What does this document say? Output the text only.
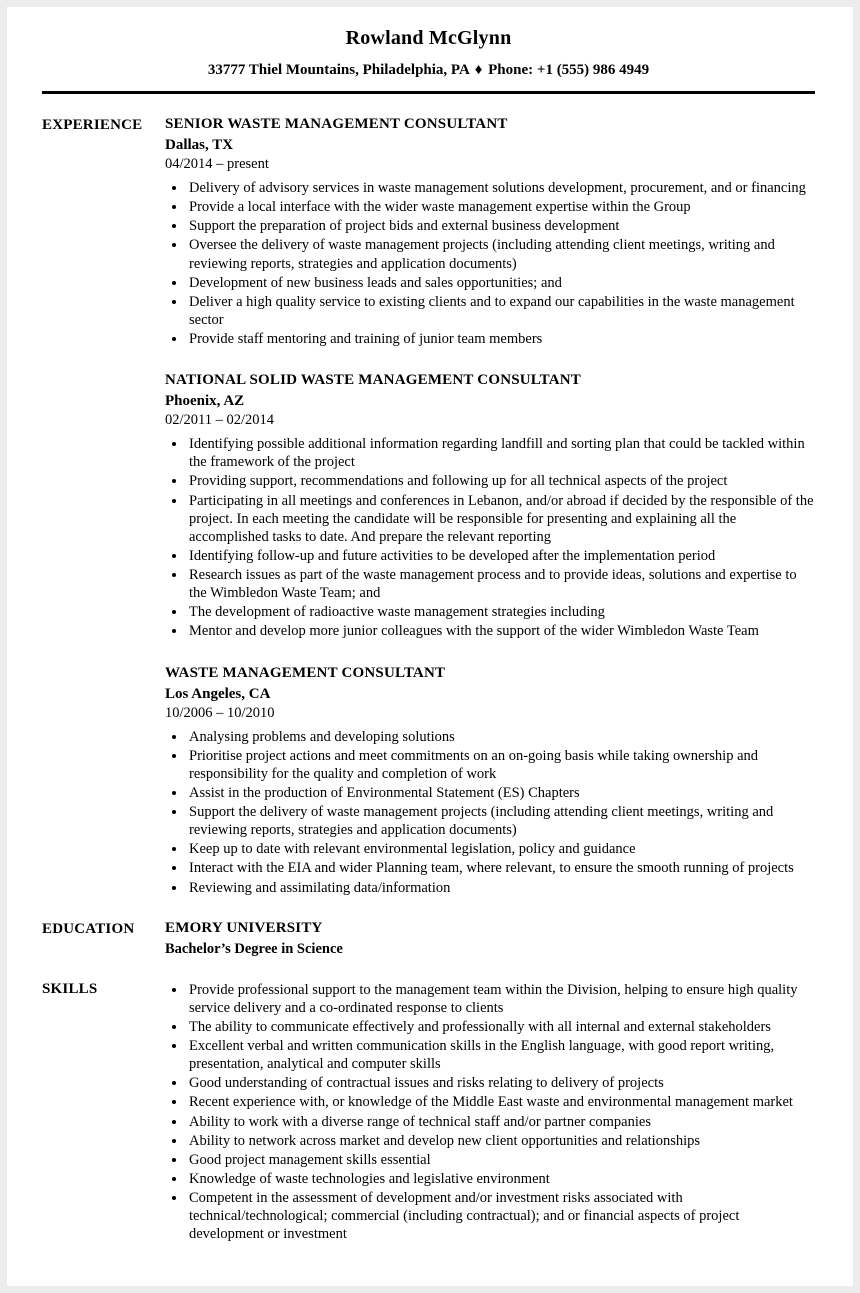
Rowland McGlynn
33777 Thiel Mountains, Philadelphia, PA ♦ Phone: +1 (555) 986 4949
EXPERIENCE	SENIOR WASTE MANAGEMENT CONSULTANT
Dallas, TX
04/2014 – present
• Delivery of advisory services in waste management solutions development, procurement, and or financing
• Provide a local interface with the wider waste management expertise within the Group
• Support the preparation of project bids and external business development
• Oversee the delivery of waste management projects (including attending client meetings, writing and reviewing reports, strategies and application documents)
• Development of new business leads and sales opportunities; and
• Deliver a high quality service to existing clients and to expand our capabilities in the waste management sector
• Provide staff mentoring and training of junior team members
NATIONAL SOLID WASTE MANAGEMENT CONSULTANT
Phoenix, AZ
02/2011 – 02/2014
• Identifying possible additional information regarding landfill and sorting plan that could be tackled within the framework of the project
• Providing support, recommendations and following up for all technical aspects of the project
• Participating in all meetings and conferences in Lebanon, and/or abroad if decided by the responsible of the project. In each meeting the candidate will be responsible for presenting and explaining all the accomplished tasks to date. And prepare the relevant reporting
• Identifying follow-up and future activities to be developed after the implementation period
• Research issues as part of the waste management process and to provide ideas, solutions and expertise to the Wimbledon Waste Team; and
• The development of radioactive waste management strategies including
• Mentor and develop more junior colleagues with the support of the wider Wimbledon Waste Team
WASTE MANAGEMENT CONSULTANT
Los Angeles, CA
10/2006 – 10/2010
• Analysing problems and developing solutions
• Prioritise project actions and meet commitments on an on-going basis while taking ownership and responsibility for the quality and completion of work
• Assist in the production of Environmental Statement (ES) Chapters
• Support the delivery of waste management projects (including attending client meetings, writing and reviewing reports, strategies and application documents)
• Keep up to date with relevant environmental legislation, policy and guidance
• Interact with the EIA and wider Planning team, where relevant, to ensure the smooth running of projects
• Reviewing and assimilating data/information
EDUCATION	EMORY UNIVERSITY
Bachelor’s Degree in Science
SKILLS	• Provide professional support to the management team within the Division, helping to ensure high quality service delivery and a co-ordinated response to clients
• The ability to communicate effectively and professionally with all internal and external stakeholders
• Excellent verbal and written communication skills in the English language, with good report writing, presentation, analytical and computer skills
• Good understanding of contractual issues and risks relating to delivery of projects
• Recent experience with, or knowledge of the Middle East waste and environmental management market
• Ability to work with a diverse range of technical staff and/or partner companies
• Ability to network across market and develop new client opportunities and relationships
• Good project management skills essential
• Knowledge of waste technologies and legislative environment
• Competent in the assessment of development and/or investment risks associated with technical/technological; commercial (including contractual); and or financial aspects of project development or investment
